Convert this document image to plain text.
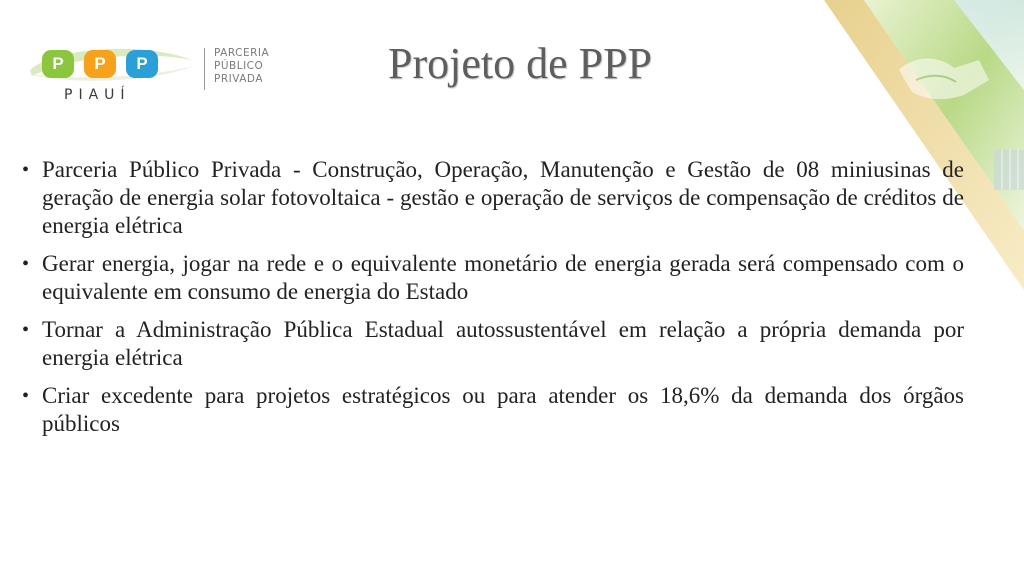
P	P	P
PIAUÍ
PARCERIA
PÚBLICO
PRIVADA	Projeto de PPP
• Parceria Público Privada - Construção, Operação, Manutenção e Gestão de 08 miniusinas de geração de energia solar fotovoltaica - gestão e operação de serviços de compensação de créditos de energia elétrica
• Gerar energia, jogar na rede e o equivalente monetário de energia gerada será compensado com o equivalente em consumo de energia do Estado
• Tornar a Administração Pública Estadual autossustentável em relação a própria demanda por energia elétrica
• Criar excedente para projetos estratégicos ou para atender os 18,6% da demanda dos órgãos públicos
